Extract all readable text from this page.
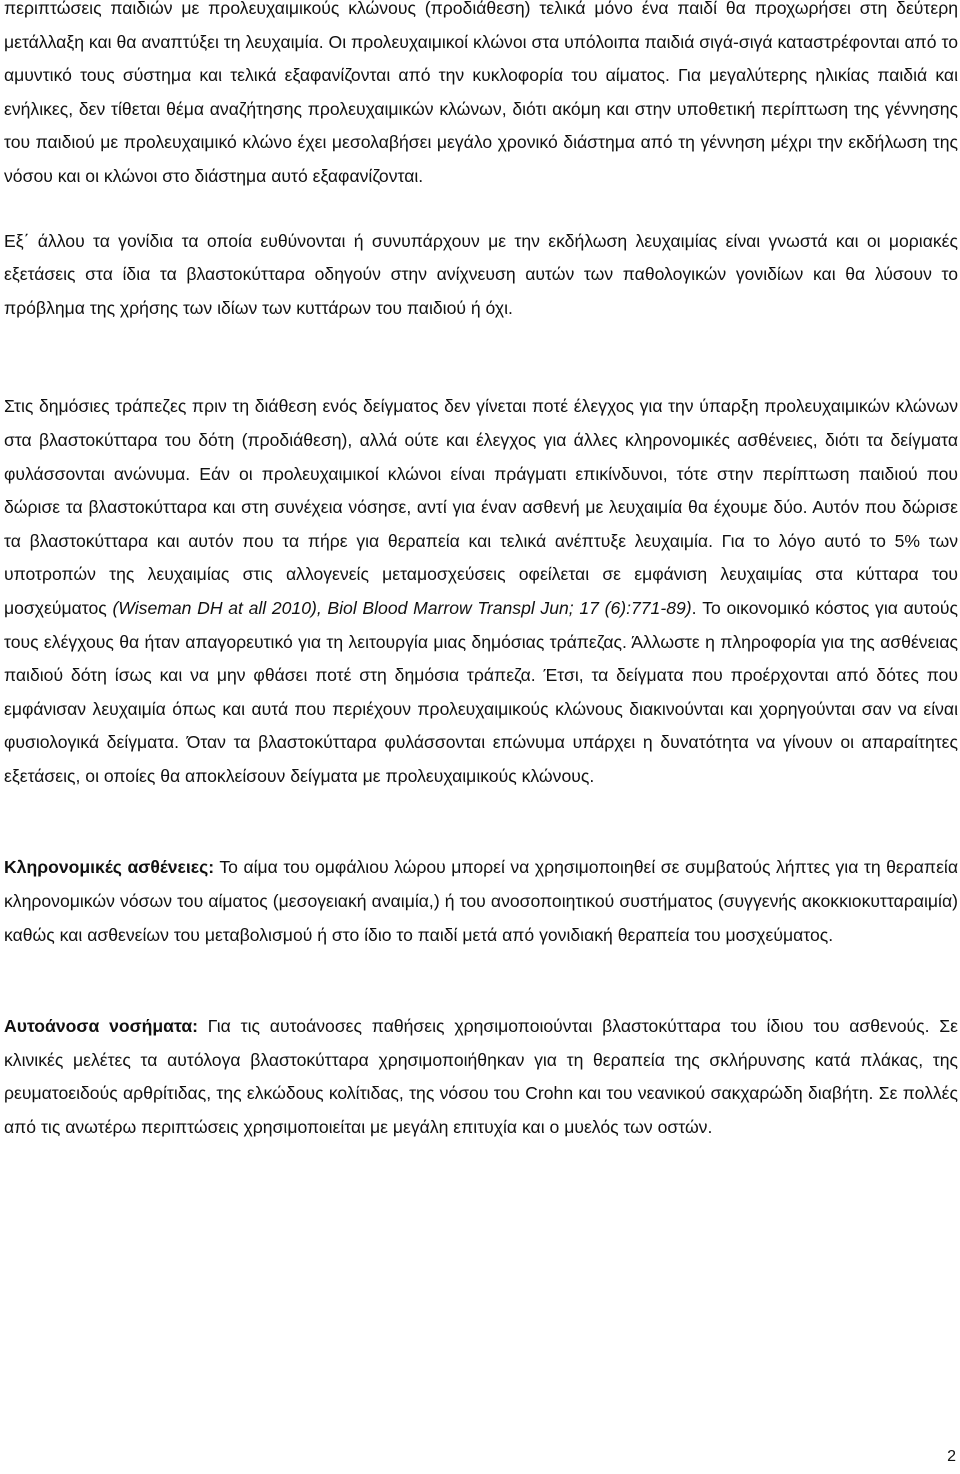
περιπτώσεις παιδιών με προλευχαιμικούς κλώνους (προδιάθεση) τελικά μόνο ένα παιδί θα προχωρήσει στη δεύτερη μετάλλαξη και θα αναπτύξει τη λευχαιμία. Οι προλευχαιμικοί κλώνοι στα υπόλοιπα παιδιά σιγά-σιγά καταστρέφονται από το αμυντικό τους σύστημα και τελικά εξαφανίζονται από την κυκλοφορία του αίματος. Για μεγαλύτερης ηλικίας παιδιά και ενήλικες, δεν τίθεται θέμα αναζήτησης προλευχαιμικών κλώνων, διότι ακόμη και στην υποθετική περίπτωση της γέννησης του παιδιού με προλευχαιμικό κλώνο έχει μεσολαβήσει μεγάλο χρονικό διάστημα από τη γέννηση μέχρι την εκδήλωση της νόσου και οι κλώνοι στο διάστημα αυτό εξαφανίζονται.

Εξ΄ άλλου τα γονίδια τα οποία ευθύνονται ή συνυπάρχουν με την εκδήλωση λευχαιμίας είναι γνωστά και οι μοριακές εξετάσεις στα ίδια τα βλαστοκύτταρα οδηγούν στην ανίχνευση αυτών των παθολογικών γονιδίων και θα λύσουν το πρόβλημα της χρήσης των ιδίων των κυττάρων του παιδιού ή όχι.

Στις δημόσιες τράπεζες πριν τη διάθεση ενός δείγματος δεν γίνεται ποτέ έλεγχος για την ύπαρξη προλευχαιμικών κλώνων στα βλαστοκύτταρα του δότη (προδιάθεση), αλλά ούτε και έλεγχος για άλλες κληρονομικές ασθένειες, διότι τα δείγματα φυλάσσονται ανώνυμα. Εάν οι προλευχαιμικοί κλώνοι είναι πράγματι επικίνδυνοι, τότε στην περίπτωση παιδιού που δώρισε τα βλαστοκύτταρα και στη συνέχεια νόσησε, αντί για έναν ασθενή με λευχαιμία θα έχουμε δύο. Αυτόν που δώρισε τα βλαστοκύτταρα και αυτόν που τα πήρε για θεραπεία και τελικά ανέπτυξε λευχαιμία. Για το λόγο αυτό το 5% των υποτροπών της λευχαιμίας στις αλλογενείς μεταμοσχεύσεις οφείλεται σε εμφάνιση λευχαιμίας στα κύτταρα του μοσχεύματος (Wiseman DH at all 2010), Biol Blood Marrow Transpl Jun; 17 (6):771-89). Το οικονομικό κόστος για αυτούς τους ελέγχους θα ήταν απαγορευτικό για τη λειτουργία μιας δημόσιας τράπεζας. Άλλωστε η πληροφορία για της ασθένειας παιδιού δότη ίσως και να μην φθάσει ποτέ στη δημόσια τράπεζα. Έτσι, τα δείγματα που προέρχονται από δότες που εμφάνισαν λευχαιμία όπως και αυτά που περιέχουν προλευχαιμικούς κλώνους διακινούνται και χορηγούνται σαν να είναι φυσιολογικά δείγματα. Όταν τα βλαστοκύτταρα φυλάσσονται επώνυμα υπάρχει η δυνατότητα να γίνουν οι απαραίτητες εξετάσεις, οι οποίες θα αποκλείσουν δείγματα με προλευχαιμικούς κλώνους.

Κληρονομικές ασθένειες: Το αίμα του ομφάλιου λώρου μπορεί να χρησιμοποιηθεί σε συμβατούς λήπτες για τη θεραπεία κληρονομικών νόσων του αίματος (μεσογειακή αναιμία,) ή του ανοσοποιητικού συστήματος (συγγενής ακοκκιοκυτταραιμία) καθώς και ασθενείων του μεταβολισμού ή στο ίδιο το παιδί μετά από γονιδιακή θεραπεία του μοσχεύματος.

Αυτοάνοσα νοσήματα: Για τις αυτοάνοσες παθήσεις χρησιμοποιούνται βλαστοκύτταρα του ίδιου του ασθενούς. Σε κλινικές μελέτες τα αυτόλογα βλαστοκύτταρα χρησιμοποιήθηκαν για τη θεραπεία της σκλήρυνσης κατά πλάκας, της ρευματοειδούς αρθρίτιδας, της ελκώδους κολίτιδας, της νόσου του Crohn και του νεανικού σακχαρώδη διαβήτη. Σε πολλές από τις ανωτέρω περιπτώσεις χρησιμοποιείται με μεγάλη επιτυχία και ο μυελός των οστών.

2
